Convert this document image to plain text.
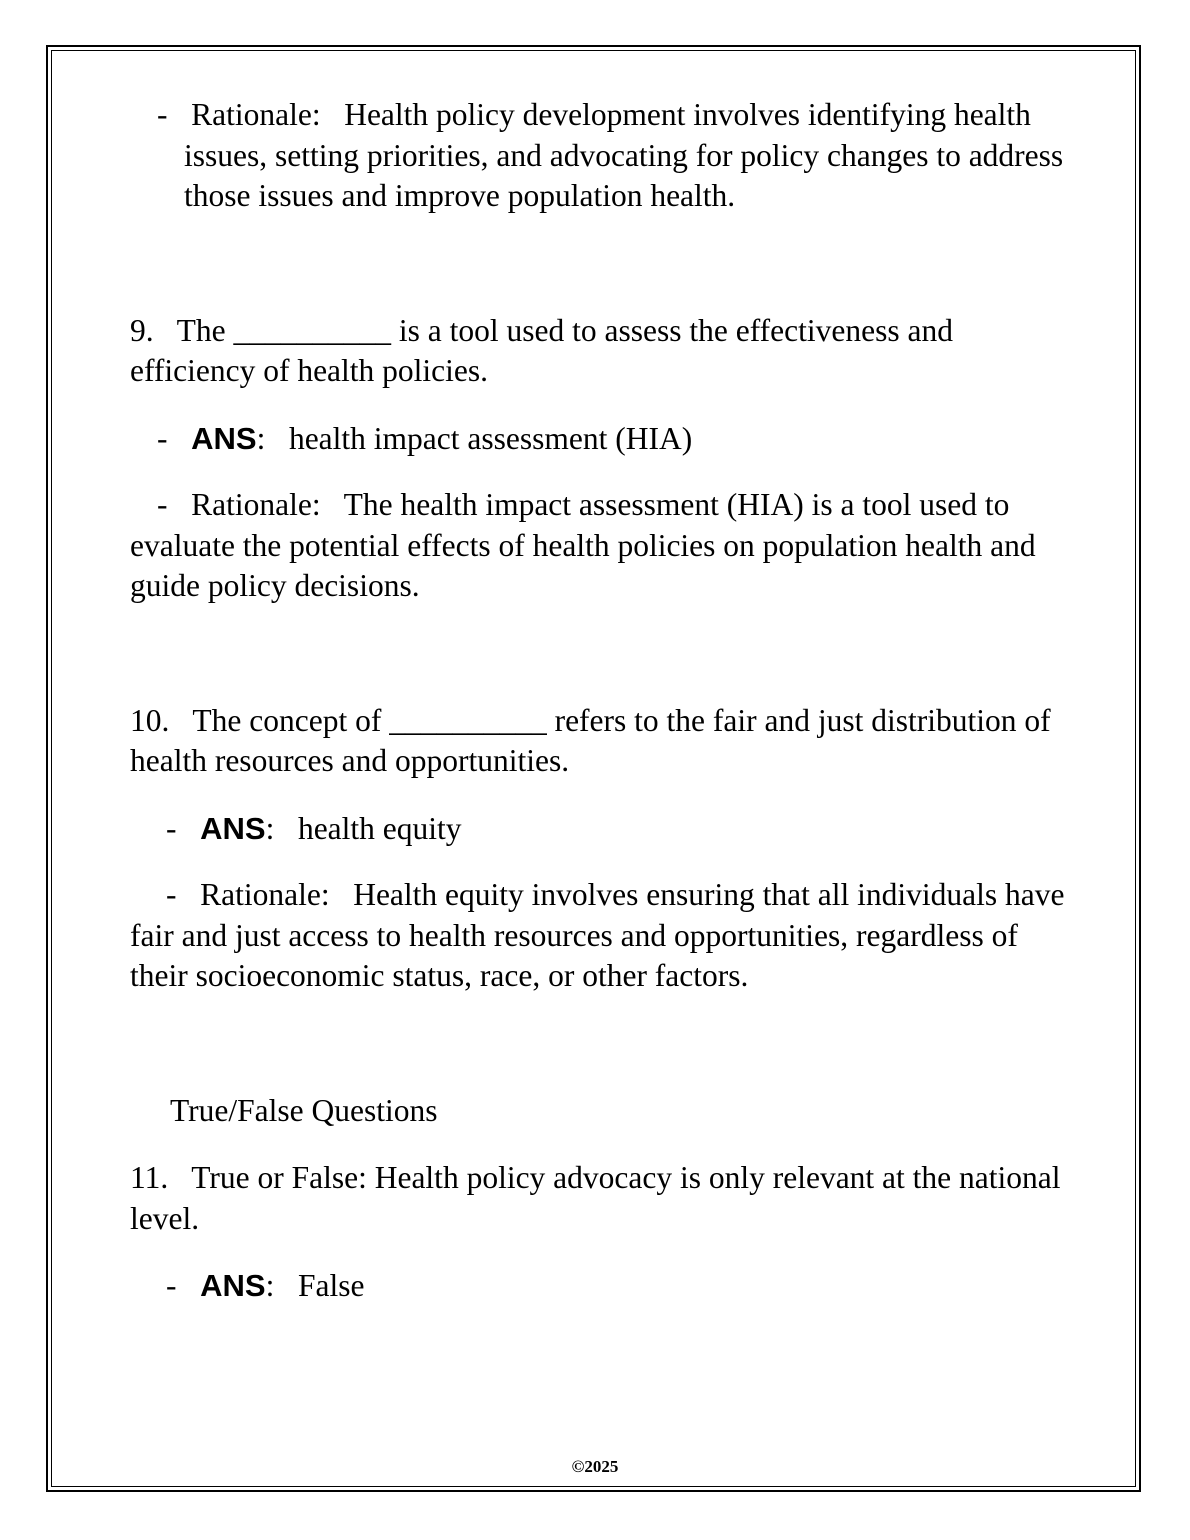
-   Rationale:   Health policy development involves identifying health issues, setting priorities, and advocating for policy changes to address those issues and improve population health.

9.   The __________ is a tool used to assess the effectiveness and efficiency of health policies.

-   ANS:   health impact assessment (HIA)

-   Rationale:   The health impact assessment (HIA) is a tool used to evaluate the potential effects of health policies on population health and guide policy decisions.

10.   The concept of __________ refers to the fair and just distribution of health resources and opportunities.

-   ANS:   health equity

-   Rationale:   Health equity involves ensuring that all individuals have fair and just access to health resources and opportunities, regardless of their socioeconomic status, race, or other factors.

True/False Questions

11.   True or False: Health policy advocacy is only relevant at the national level.

-   ANS:   False

©2025
